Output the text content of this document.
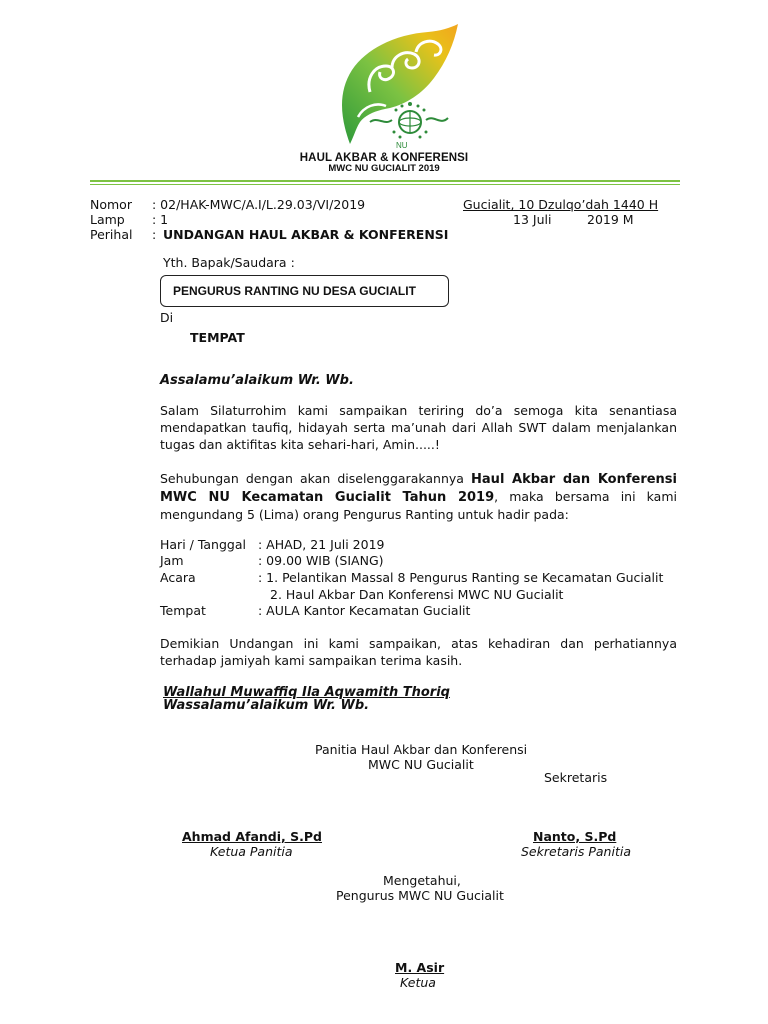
NU
HAUL AKBAR & KONFERENSI
MWC NU GUCIALIT 2019
Nomor : 02/HAK-MWC/A.I/L.29.03/VI/2019
Lamp : 1
Perihal : UNDANGAN HAUL AKBAR & KONFERENSI
Gucialit, 10 Dzulqo’dah 1440 H
13 Juli	2019 M
Yth. Bapak/Saudara :
PENGURUS RANTING NU DESA GUCIALIT
Di
TEMPAT
Assalamu’alaikum Wr. Wb.
Salam Silaturrohim kami sampaikan teriring do’a semoga kita senantiasa mendapatkan taufiq, hidayah serta ma’unah dari Allah SWT dalam menjalankan tugas dan aktifitas kita sehari-hari, Amin.....!
Sehubungan dengan akan diselenggarakannya Haul Akbar dan Konferensi MWC NU Kecamatan Gucialit Tahun 2019, maka bersama ini kami mengundang 5 (Lima) orang Pengurus Ranting untuk hadir pada:
Hari / Tanggal : AHAD, 21 Juli 2019
Jam	: 09.00 WIB (SIANG)
Acara	: 1. Pelantikan Massal 8 Pengurus Ranting se Kecamatan Gucialit
2. Haul Akbar Dan Konferensi MWC NU Gucialit
Tempat	: AULA Kantor Kecamatan Gucialit
Demikian Undangan ini kami sampaikan, atas kehadiran dan perhatiannya terhadap jamiyah kami sampaikan terima kasih.
Wallahul Muwaffiq Ila Aqwamith Thoriq
Wassalamu’alaikum Wr. Wb.
Panitia Haul Akbar dan Konferensi
MWC NU Gucialit
Sekretaris
Ahmad Afandi, S.Pd
Ketua Panitia
Nanto, S.Pd
Sekretaris Panitia
Mengetahui,
Pengurus MWC NU Gucialit
M. Asir
Ketua
